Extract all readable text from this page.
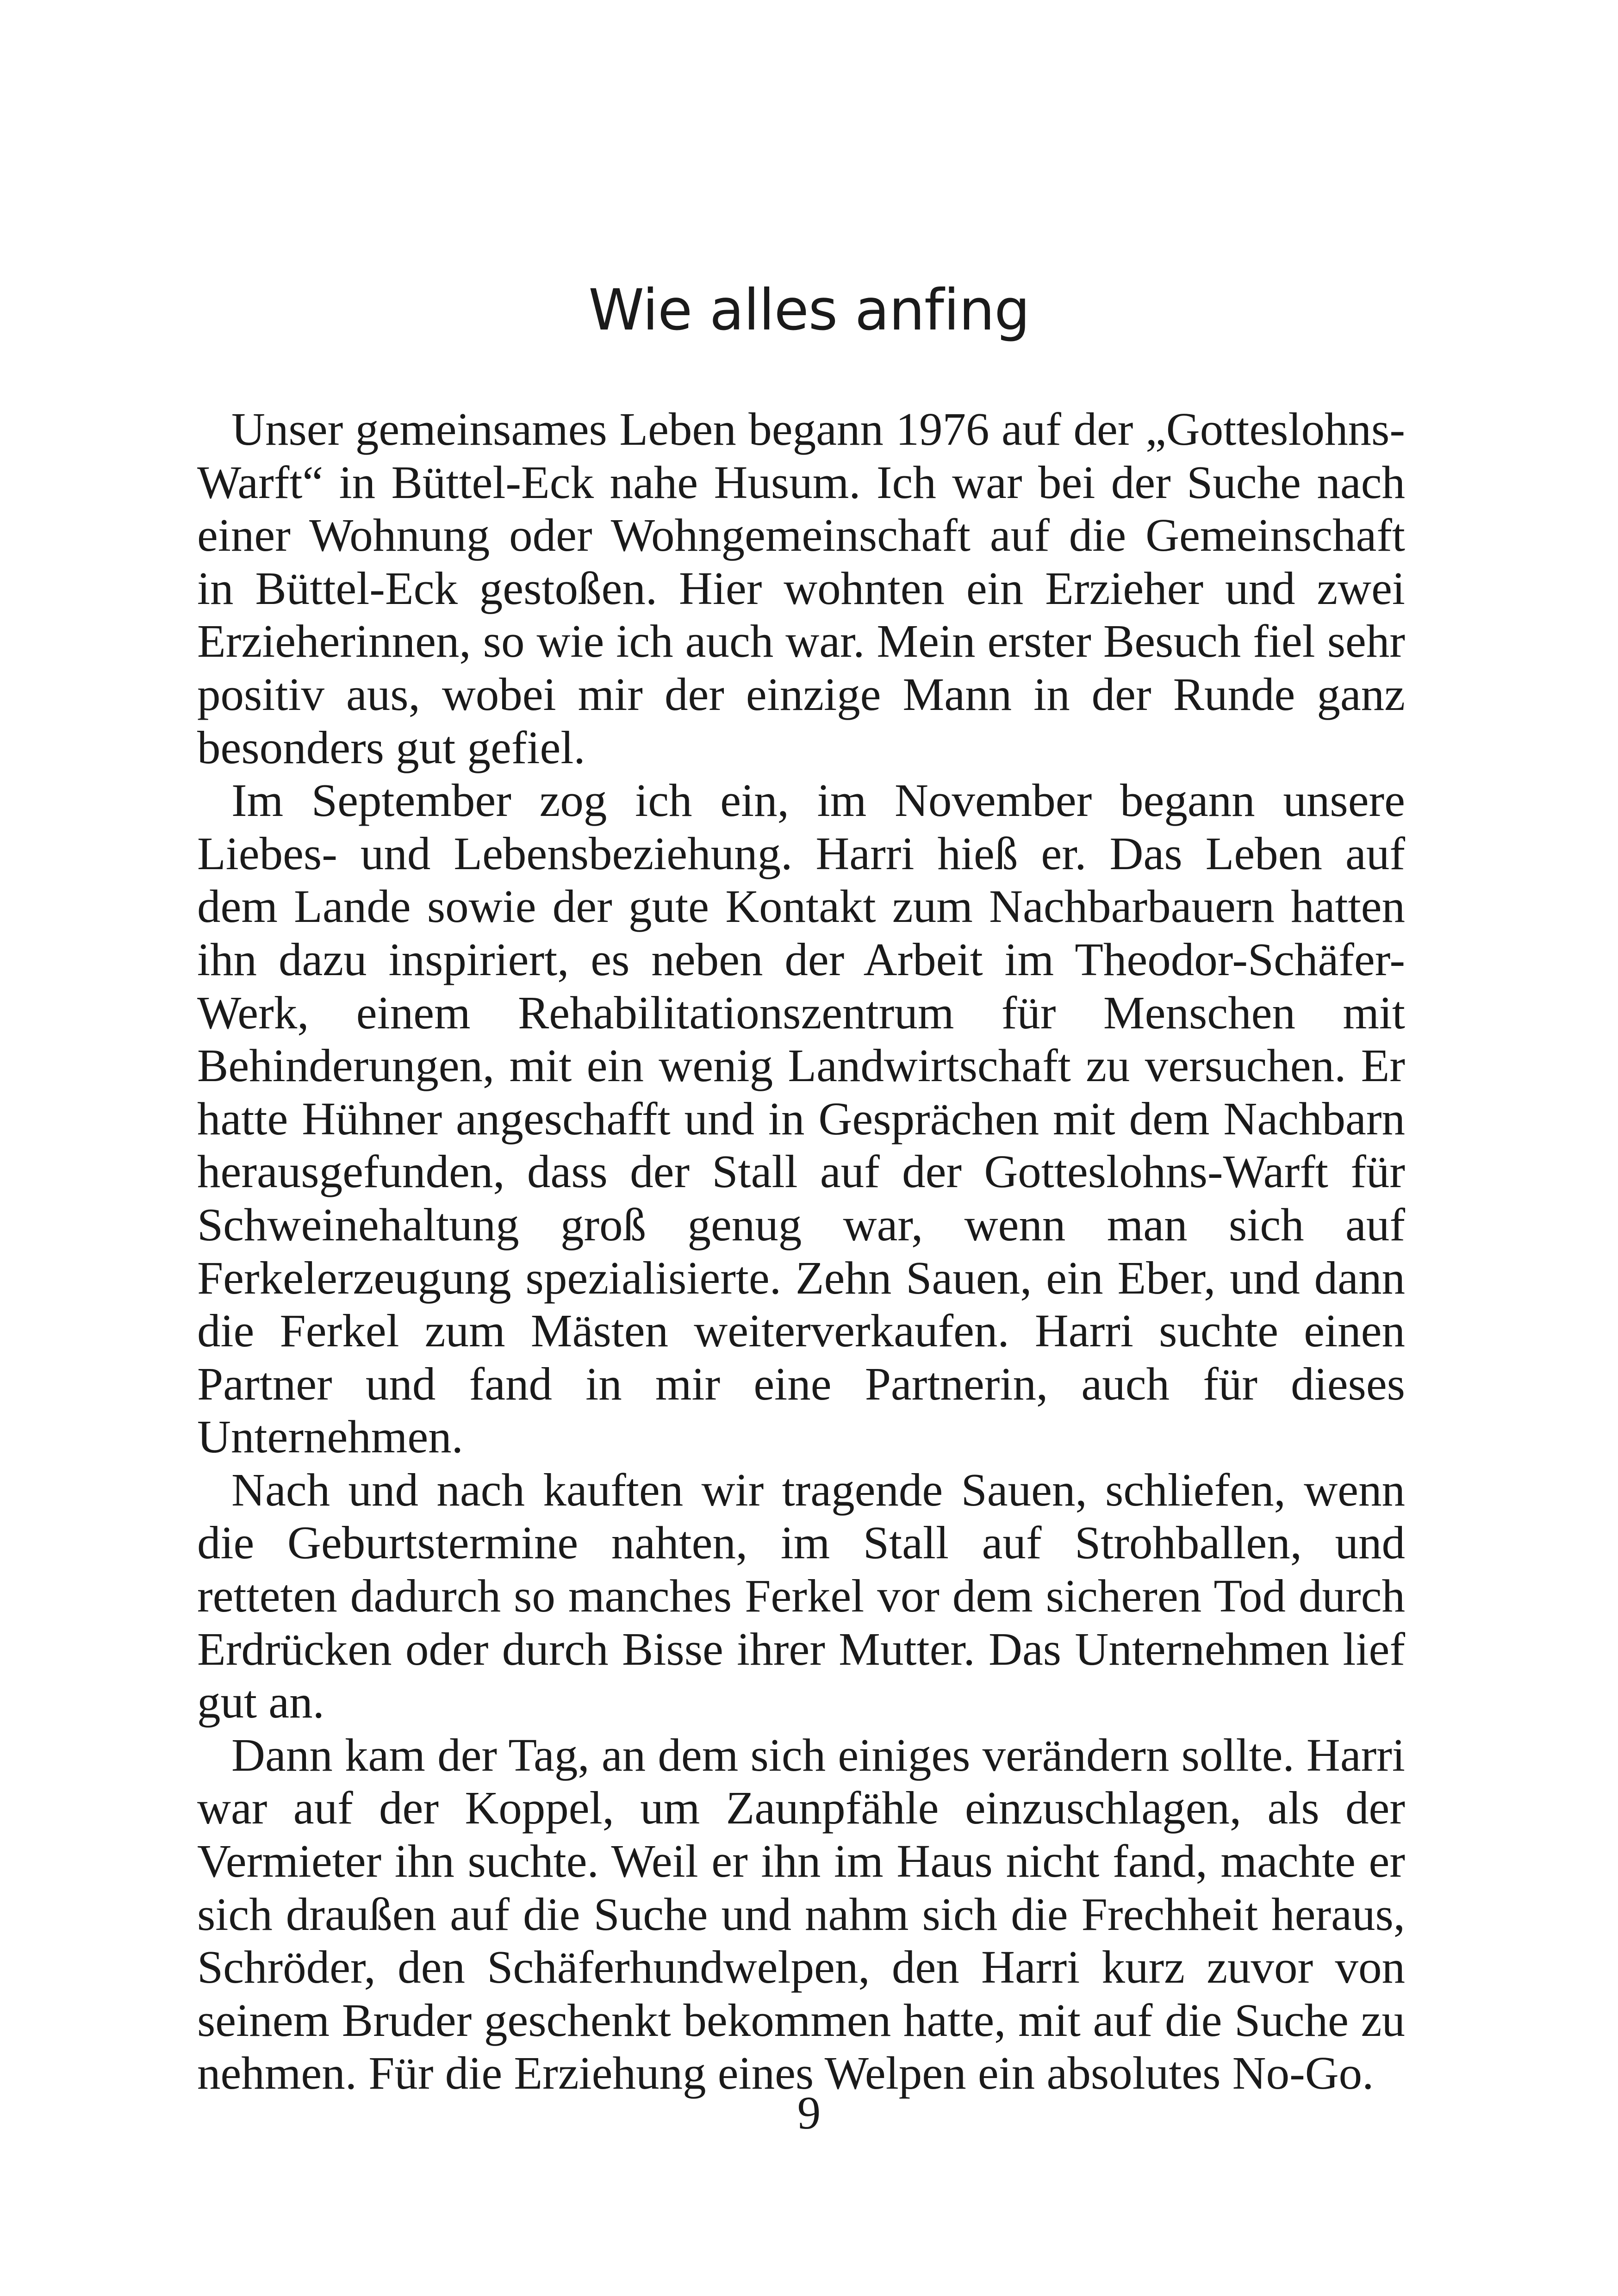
Wie alles anfing

Unser gemeinsames Leben begann 1976 auf der „Gotteslohns-Warft“ in Büttel-Eck nahe Husum. Ich war bei der Suche nach einer Wohnung oder Wohngemeinschaft auf die Gemeinschaft in Büttel-Eck gestoßen. Hier wohnten ein Erzieher und zwei Erzieherinnen, so wie ich auch war. Mein erster Besuch fiel sehr positiv aus, wobei mir der einzige Mann in der Runde ganz besonders gut gefiel.

Im September zog ich ein, im November begann unsere Liebes- und Lebensbeziehung. Harri hieß er. Das Leben auf dem Lande sowie der gute Kontakt zum Nachbarbauern hatten ihn dazu inspiriert, es neben der Arbeit im Theodor-Schäfer-Werk, einem Rehabilitationszentrum für Menschen mit Behinderungen, mit ein wenig Landwirtschaft zu versuchen. Er hatte Hühner angeschafft und in Gesprächen mit dem Nachbarn herausgefunden, dass der Stall auf der Gotteslohns-Warft für Schweinehaltung groß genug war, wenn man sich auf Ferkelerzeugung spezialisierte. Zehn Sauen, ein Eber, und dann die Ferkel zum Mästen weiterverkaufen. Harri suchte einen Partner und fand in mir eine Partnerin, auch für dieses Unternehmen.

Nach und nach kauften wir tragende Sauen, schliefen, wenn die Geburtstermine nahten, im Stall auf Strohballen, und retteten dadurch so manches Ferkel vor dem sicheren Tod durch Erdrücken oder durch Bisse ihrer Mutter. Das Unternehmen lief gut an.

Dann kam der Tag, an dem sich einiges verändern sollte. Harri war auf der Koppel, um Zaunpfähle einzuschlagen, als der Vermieter ihn suchte. Weil er ihn im Haus nicht fand, machte er sich draußen auf die Suche und nahm sich die Frechheit heraus, Schröder, den Schäferhundwelpen, den Harri kurz zuvor von seinem Bruder geschenkt bekommen hatte, mit auf die Suche zu nehmen. Für die Erziehung eines Welpen ein absolutes No-Go.

9
